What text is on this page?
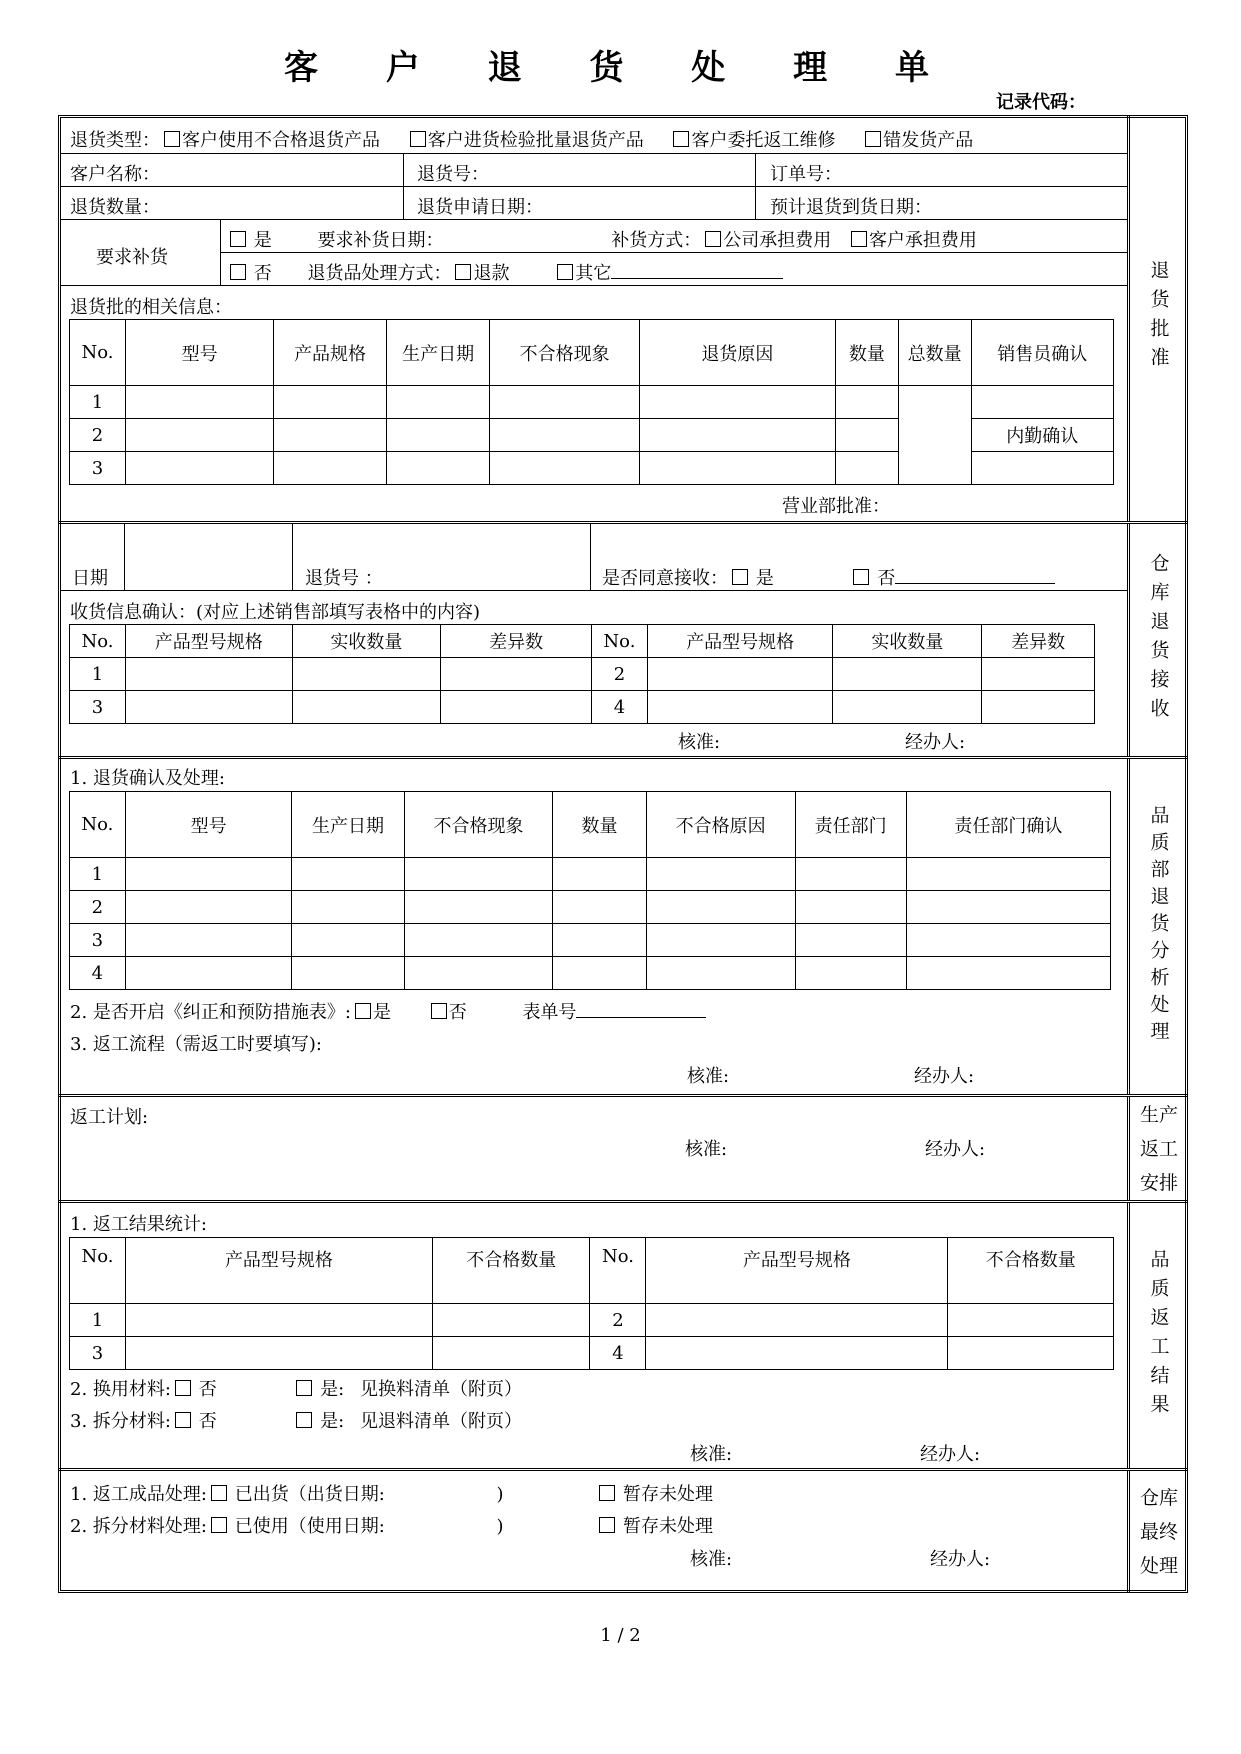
客 户 退 货 处 理 单
记录代码：
退货批准
仓库退货接收
品质部退货分析处理
生产返工安排
品质返工结果
仓库最终处理
退货类型： 客户使用不合格退货产品	客户进货检验批量退货产品	客户委托返工维修	错发货产品
客户名称：	退货号：	订单号：
退货数量：	退货申请日期：	预计退货到货日期：
要求补货
是	要求补货日期：	补货方式： 公司承担费用 客户承担费用
否 退货品处理方式： 退款	其它
退货批的相关信息：
No.	型号	产品规格	生产日期	不合格现象	退货原因	数量	总数量	销售员确认
1								
2								内勤确认
3								
营业部批准：
日期	退货号 ：	是否同意接收： 是	否
收货信息确认：(对应上述销售部填写表格中的内容)
No.	产品型号规格	实收数量	差异数	No.	产品型号规格	实收数量	差异数
1				2			
3				4			
核准:	经办人:
1. 退货确认及处理:
No.	型号	生产日期	不合格现象	数量	不合格原因	责任部门	责任部门确认
1							
2							
3							
4							
2. 是否开启《纠正和预防措施表》: 是	否	表单号
3. 返工流程（需返工时要填写):
核准:	经办人:
返工计划:
核准:	经办人:
1. 返工结果统计:
No.	产品型号规格	不合格数量	No.	产品型号规格	不合格数量
1			2		
3			4		
2. 换用材料: 否	是: 见换料清单（附页）
3. 拆分材料: 否	是: 见退料清单（附页）
核准:	经办人:
1. 返工成品处理: 已出货（出货日期:	)	暂存未处理
2. 拆分材料处理: 已使用（使用日期:	)	暂存未处理
核准:	经办人:
1 / 2
